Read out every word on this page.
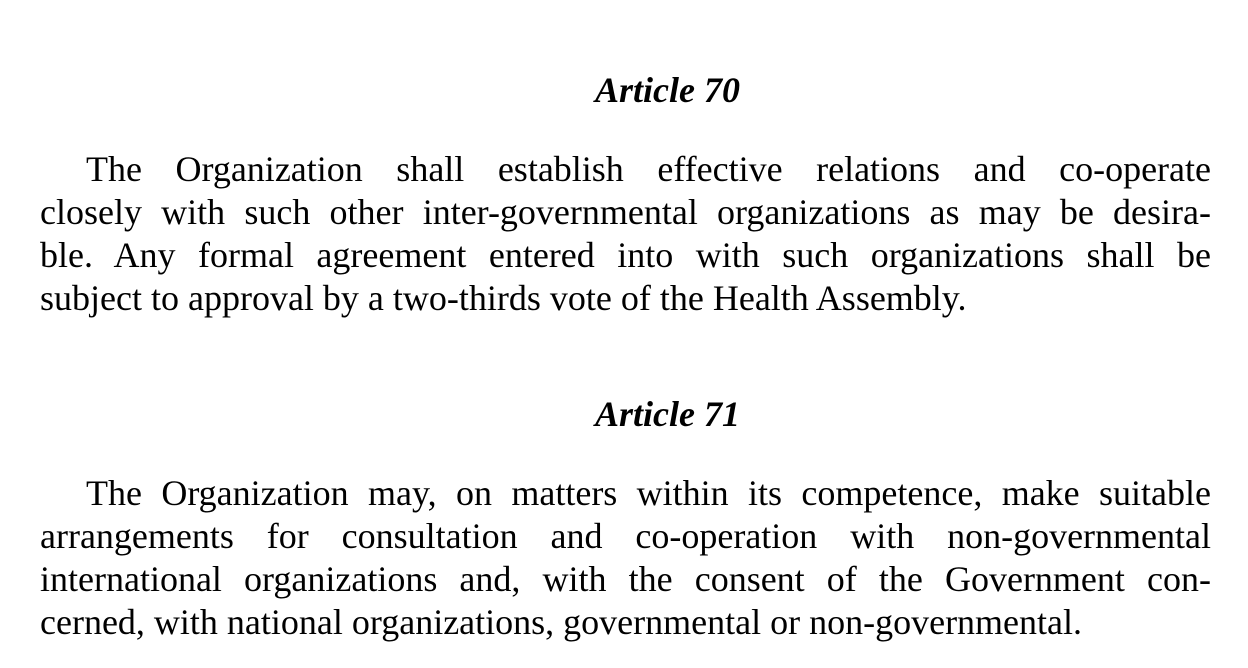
Article 70
The Organization shall establish effective relations and co-operate
closely with such other inter-governmental organizations as may be desira-
ble. Any formal agreement entered into with such organizations shall be
subject to approval by a two-thirds vote of the Health Assembly.
Article 71
The Organization may, on matters within its competence, make suitable
arrangements for consultation and co-operation with non-governmental
international organizations and, with the consent of the Government con-
cerned, with national organizations, governmental or non-governmental.
